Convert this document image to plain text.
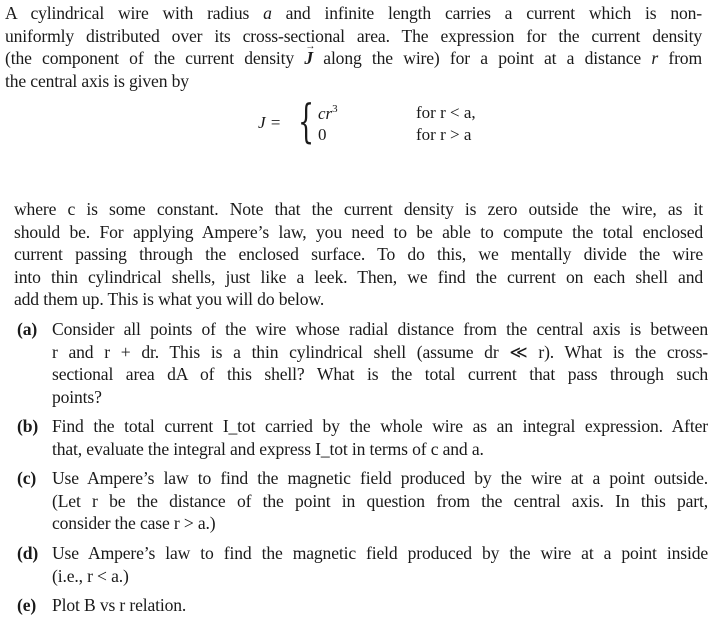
A cylindrical wire with radius a and infinite length carries a current which is non-
uniformly distributed over its cross-sectional area. The expression for the current density
(the component of the current density → J along the wire) for a point at a distance r from
the central axis is given by
J = { $cr^3$	for r < a,
0	for r > a
where c is some constant. Note that the current density is zero outside the wire, as it
should be. For applying Ampere’s law, you need to be able to compute the total enclosed
current passing through the enclosed surface. To do this, we mentally divide the wire
into thin cylindrical shells, just like a leek. Then, we find the current on each shell and
add them up. This is what you will do below.
(a) Consider all points of the wire whose radial distance from the central axis is between
r and r + dr. This is a thin cylindrical shell (assume dr ≪ r). What is the cross-
sectional area dA of this shell? What is the total current that pass through such
points?
(b) Find the total current I_tot carried by the whole wire as an integral expression. After
that, evaluate the integral and express I_tot in terms of c and a.
(c) Use Ampere’s law to find the magnetic field produced by the wire at a point outside.
(Let r be the distance of the point in question from the central axis. In this part,
consider the case r > a.)
(d) Use Ampere’s law to find the magnetic field produced by the wire at a point inside
(i.e., r < a.)
(e) Plot B vs r relation.
